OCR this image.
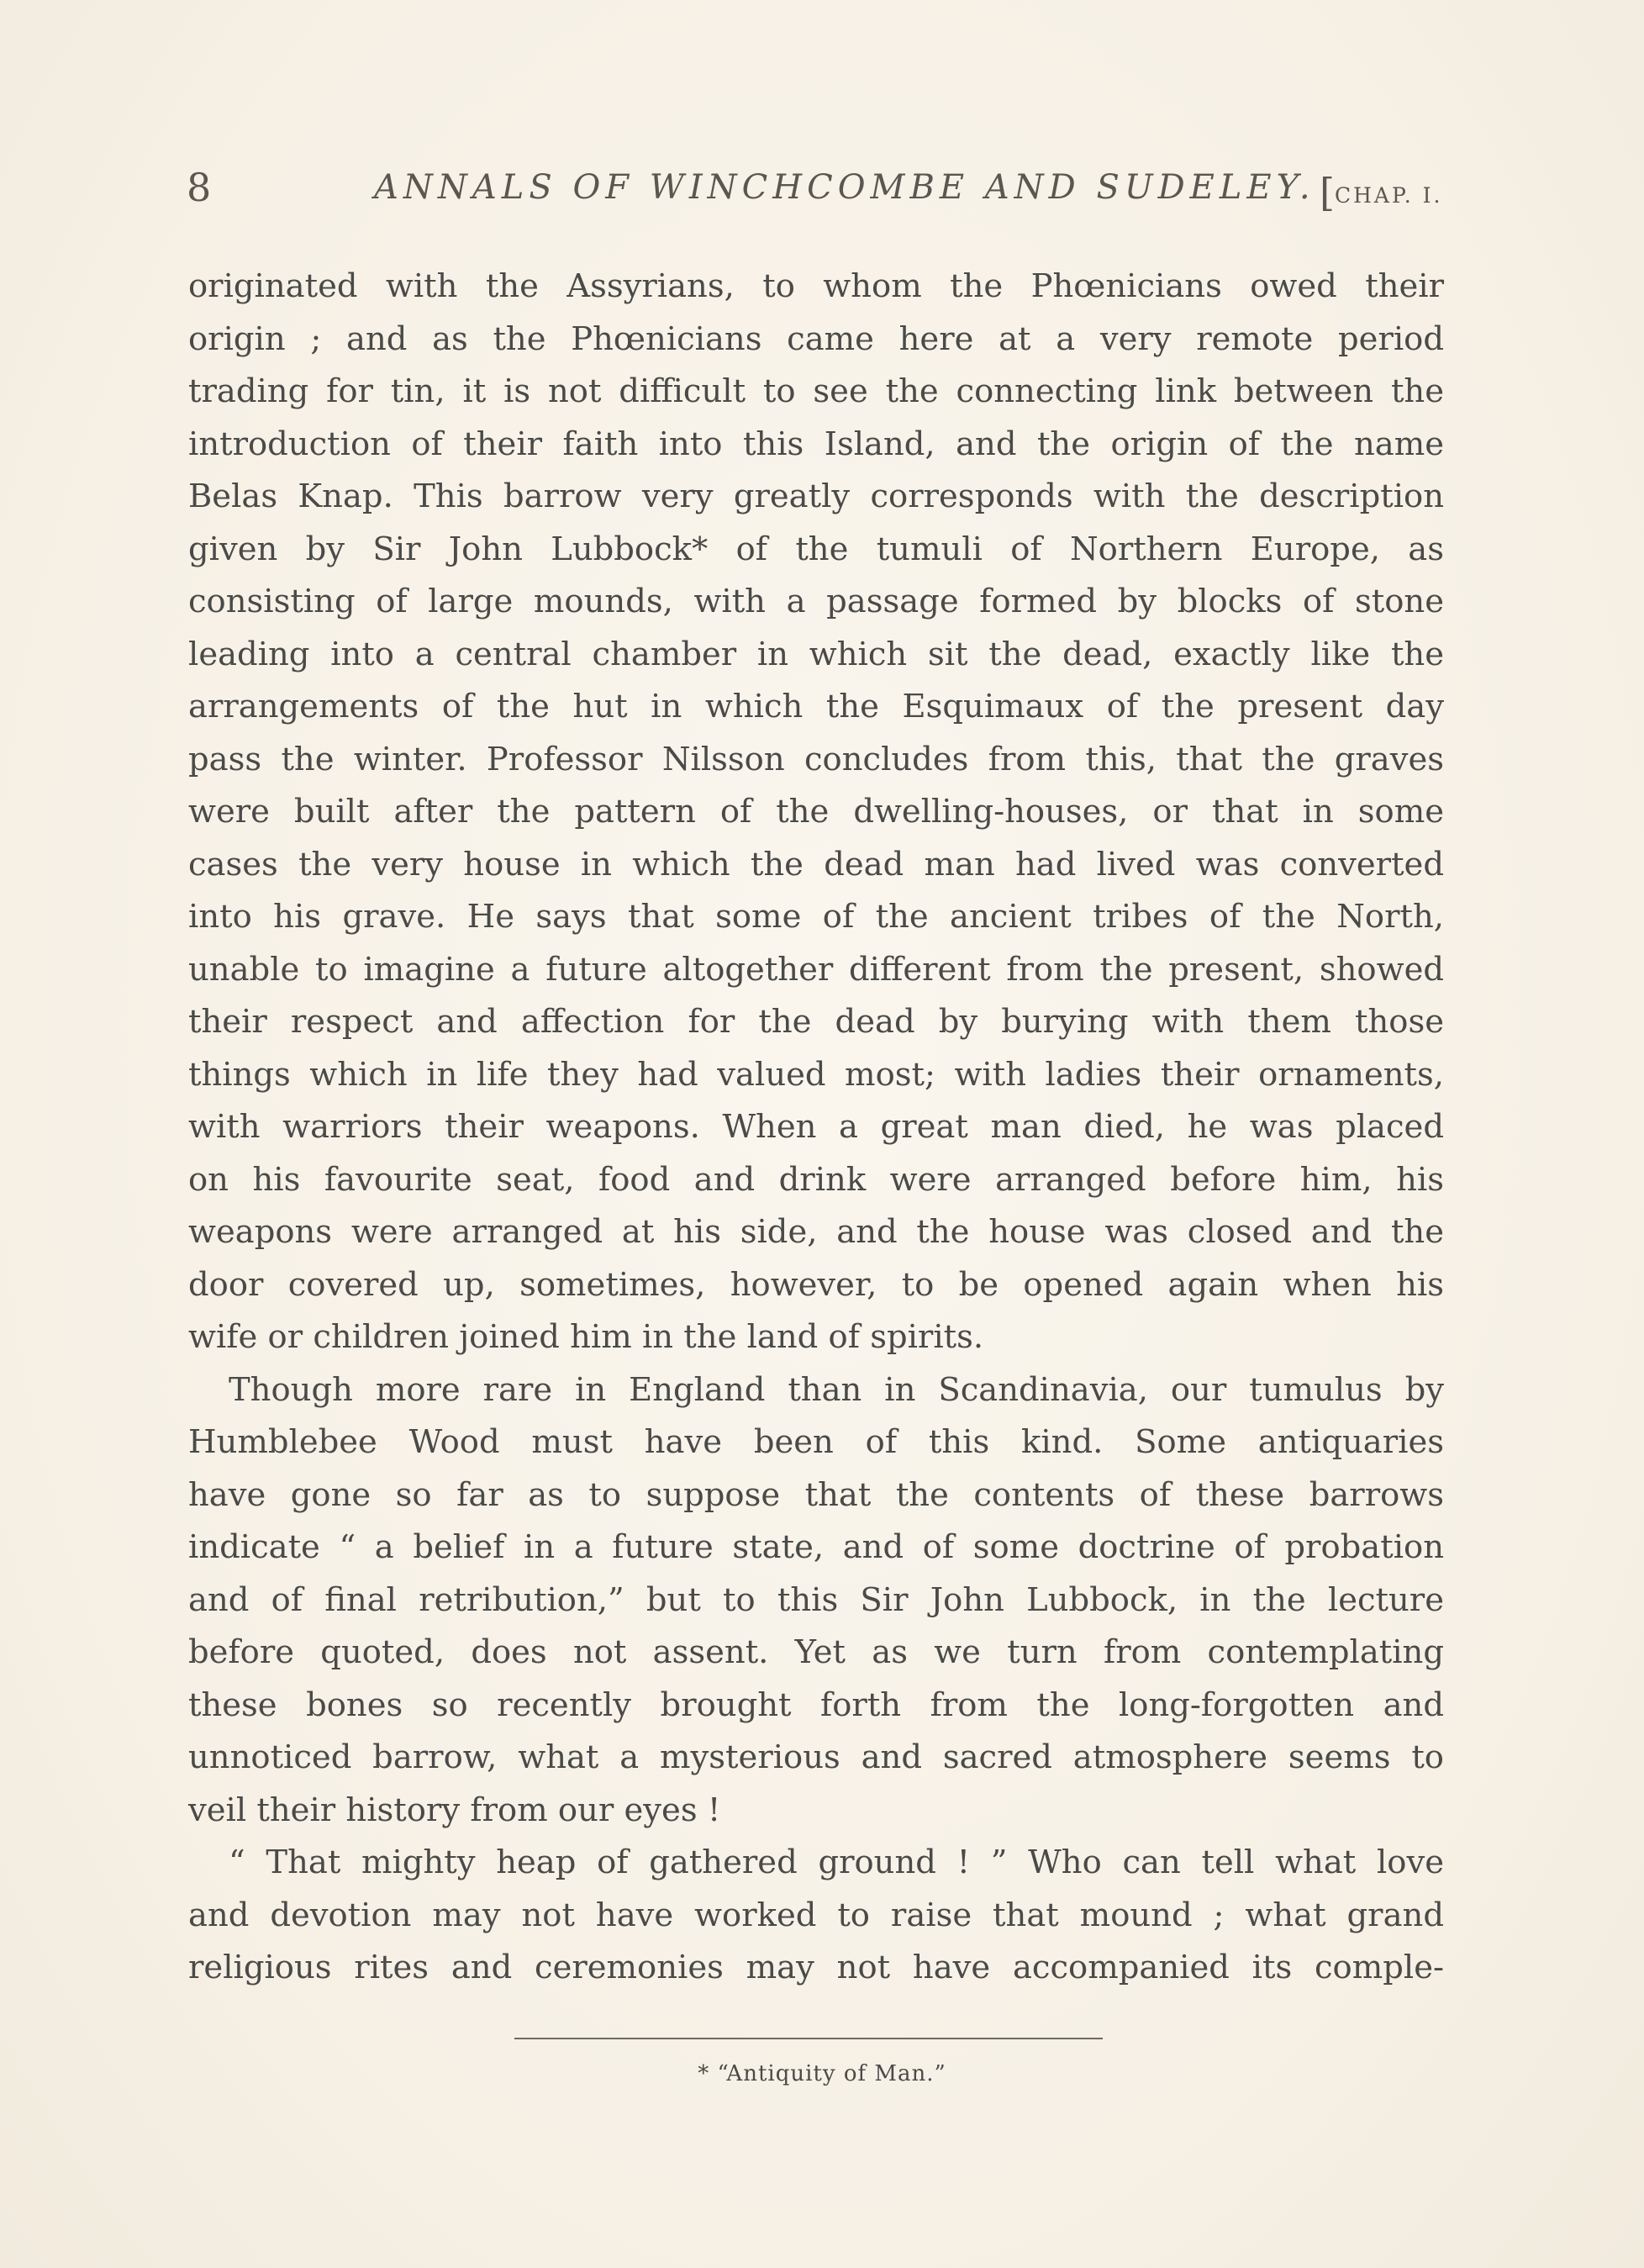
8	ANNALS OF WINCHCOMBE AND SUDELEY. [CHAP. I.
originated with the Assyrians, to whom the Phœnicians owed their
origin ; and as the Phœnicians came here at a very remote period
trading for tin, it is not difficult to see the connecting link between the
introduction of their faith into this Island, and the origin of the name
Belas Knap. This barrow very greatly corresponds with the description
given by Sir John Lubbock* of the tumuli of Northern Europe, as
consisting of large mounds, with a passage formed by blocks of stone
leading into a central chamber in which sit the dead, exactly like the
arrangements of the hut in which the Esquimaux of the present day
pass the winter. Professor Nilsson concludes from this, that the graves
were built after the pattern of the dwelling-houses, or that in some
cases the very house in which the dead man had lived was converted
into his grave. He says that some of the ancient tribes of the North,
unable to imagine a future altogether different from the present, showed
their respect and affection for the dead by burying with them those
things which in life they had valued most; with ladies their ornaments,
with warriors their weapons. When a great man died, he was placed
on his favourite seat, food and drink were arranged before him, his
weapons were arranged at his side, and the house was closed and the
door covered up, sometimes, however, to be opened again when his
wife or children joined him in the land of spirits.
Though more rare in England than in Scandinavia, our tumulus by
Humblebee Wood must have been of this kind. Some antiquaries
have gone so far as to suppose that the contents of these barrows
indicate “ a belief in a future state, and of some doctrine of probation
and of final retribution,” but to this Sir John Lubbock, in the lecture
before quoted, does not assent. Yet as we turn from contemplating
these bones so recently brought forth from the long-forgotten and
unnoticed barrow, what a mysterious and sacred atmosphere seems to
veil their history from our eyes !
“ That mighty heap of gathered ground ! ” Who can tell what love
and devotion may not have worked to raise that mound ; what grand
religious rites and ceremonies may not have accompanied its comple-
* “Antiquity of Man.”
